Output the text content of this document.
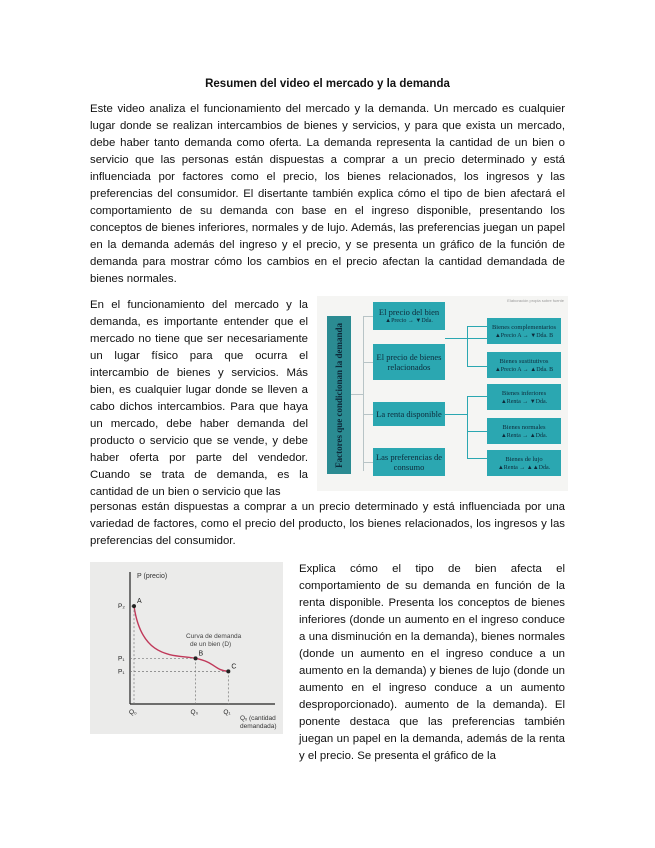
Resumen del video el mercado y la demanda

Este video analiza el funcionamiento del mercado y la demanda. Un mercado es cualquier lugar donde se realizan intercambios de bienes y servicios, y para que exista un mercado, debe haber tanto demanda como oferta. La demanda representa la cantidad de un bien o servicio que las personas están dispuestas a comprar a un precio determinado y está influenciada por factores como el precio, los bienes relacionados, los ingresos y las preferencias del consumidor. El disertante también explica cómo el tipo de bien afectará el comportamiento de su demanda con base en el ingreso disponible, presentando los conceptos de bienes inferiores, normales y de lujo. Además, las preferencias juegan un papel en la demanda además del ingreso y el precio, y se presenta un gráfico de la función de demanda para mostrar cómo los cambios en el precio afectan la cantidad demandada de bienes normales.

En el funcionamiento del mercado y la demanda, es importante entender que el mercado no tiene que ser necesariamente un lugar físico para que ocurra el intercambio de bienes y servicios. Más bien, es cualquier lugar donde se lleven a cabo dichos intercambios. Para que haya un mercado, debe haber demanda del producto o servicio que se vende, y debe haber oferta por parte del vendedor. Cuando se trata de demanda, es la cantidad de un bien o servicio que las

personas están dispuestas a comprar a un precio determinado y está influenciada por una variedad de factores, como el precio del producto, los bienes relacionados, los ingresos y las preferencias del consumidor.

Explica cómo el tipo de bien afecta el comportamiento de su demanda en función de la renta disponible. Presenta los conceptos de bienes inferiores (donde un aumento en el ingreso conduce a una disminución en la demanda), bienes normales (donde un aumento en el ingreso conduce a un aumento en la demanda) y bienes de lujo (donde un aumento en el ingreso conduce a un aumento desproporcionado). aumento de la demanda). El ponente destaca que las preferencias también juegan un papel en la demanda, además de la renta y el precio. Se presenta el gráfico de la

Elaboración propia sobre fuente
Factores que condicionan la demanda
El precio del bien
▲Precio → ▼Dda.
El precio de bienes relacionados
La renta disponible
Las preferencias de consumo
Bienes complementarios
▲Precio A → ▼Dda. B
Bienes sustitutivos
▲Precio A → ▲Dda. B
Bienes inferiores
▲Renta → ▼Dda.
Bienes normales
▲Renta → ▲Dda.
Bienes de lujo
▲Renta → ▲▲Dda.
P (precio)
Qₓ (cantidad
demandada)
Curva de demanda
de un bien (D)
A
P₂
Q₀
B
P₁
Q₀
C
P₁
Q₁
